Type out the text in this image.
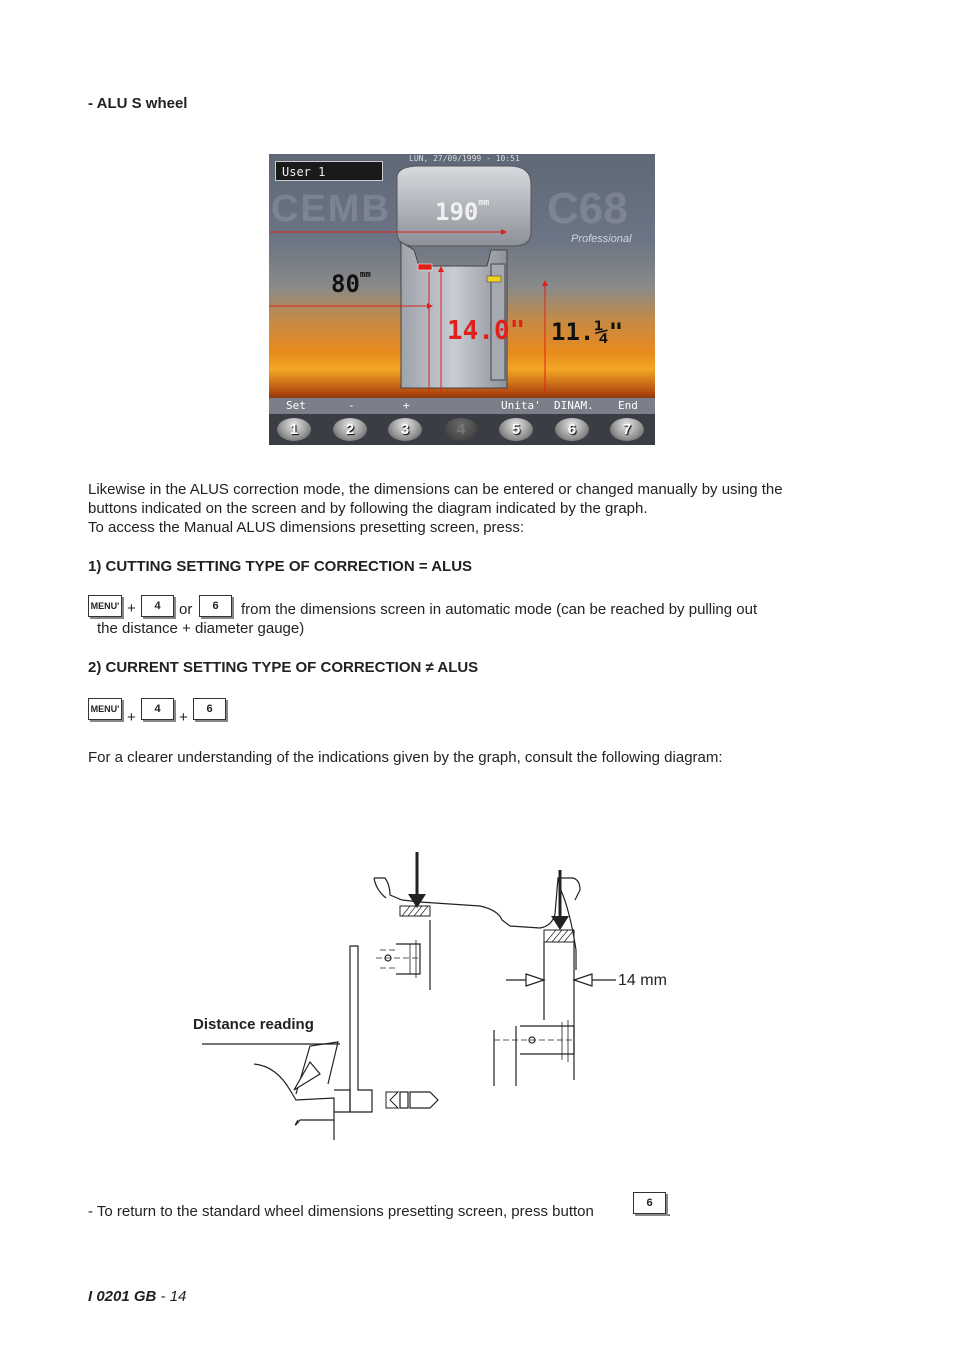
- ALU S wheel
CEMB	C68
Professional
LUN, 27/09/1999 - 10:51
User 1
$190^{mm}$
$80^{mm}$
14.0" 11.¼"
Set	-	+	Unita' DINAM. End
1	2	3	4	5	6	7
Likewise in the ALUS correction mode, the dimensions can be entered or changed manually by using the
buttons indicated on the screen and by following the diagram indicated by the graph.
To access the Manual ALUS dimensions presetting screen, press:
1) CUTTING SETTING TYPE OF CORRECTION = ALUS
MENU' +	4	or	6	from the dimensions screen in automatic mode (can be reached by pulling out
the distance + diameter gauge)
2) CURRENT SETTING TYPE OF CORRECTION ≠ ALUS
MENU' +	4	+	6
For a clearer understanding of the indications given by the graph, consult the following diagram:
14 mm
Distance reading
- To return to the standard wheel dimensions presetting screen, press button	6 .
I 0201 GB - 14
